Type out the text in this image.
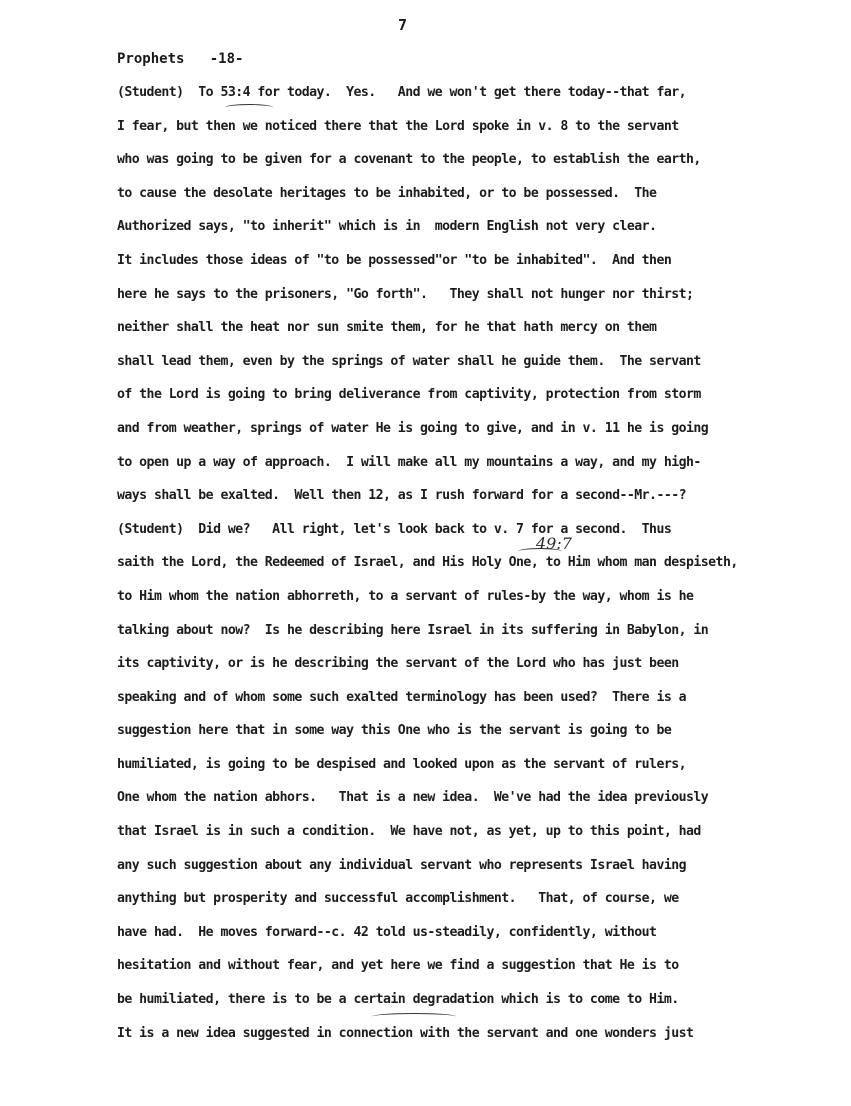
7
Prophets   -18-
(Student)  To 53:4 for today.  Yes.   And we won't get there today--that far,
I fear, but then we noticed there that the Lord spoke in v. 8 to the servant
who was going to be given for a covenant to the people, to establish the earth,
to cause the desolate heritages to be inhabited, or to be possessed.  The
Authorized says, "to inherit" which is in  modern English not very clear.
It includes those ideas of "to be possessed"or "to be inhabited".  And then
here he says to the prisoners, "Go forth".   They shall not hunger nor thirst;
neither shall the heat nor sun smite them, for he that hath mercy on them
shall lead them, even by the springs of water shall he guide them.  The servant
of the Lord is going to bring deliverance from captivity, protection from storm
and from weather, springs of water He is going to give, and in v. 11 he is going
to open up a way of approach.  I will make all my mountains a way, and my high-
ways shall be exalted.  Well then 12, as I rush forward for a second--Mr.---?
(Student)  Did we?   All right, let's look back to v. 7 for a second.  Thus
saith the Lord, the Redeemed of Israel, and His Holy One, to Him whom man despiseth,
to Him whom the nation abhorreth, to a servant of rules-by the way, whom is he
talking about now?  Is he describing here Israel in its suffering in Babylon, in
its captivity, or is he describing the servant of the Lord who has just been
speaking and of whom some such exalted terminology has been used?  There is a
suggestion here that in some way this One who is the servant is going to be
humiliated, is going to be despised and looked upon as the servant of rulers,
One whom the nation abhors.   That is a new idea.  We've had the idea previously
that Israel is in such a condition.  We have not, as yet, up to this point, had
any such suggestion about any individual servant who represents Israel having
anything but prosperity and successful accomplishment.   That, of course, we
have had.  He moves forward--c. 42 told us-steadily, confidently, without
hesitation and without fear, and yet here we find a suggestion that He is to
be humiliated, there is to be a certain degradation which is to come to Him.
It is a new idea suggested in connection with the servant and one wonders just
49:7
